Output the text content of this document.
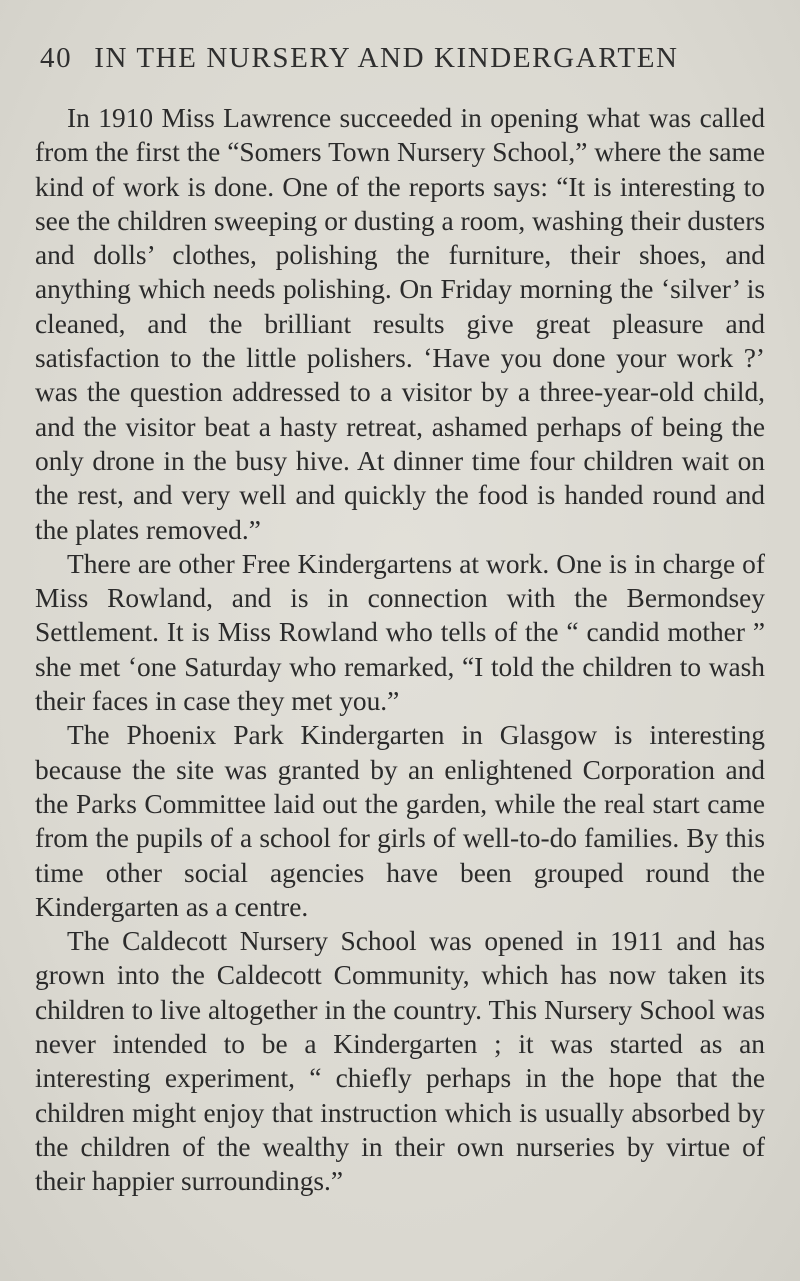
40 IN THE NURSERY AND KINDERGARTEN

In 1910 Miss Lawrence succeeded in opening what was called from the first the “Somers Town Nursery School,” where the same kind of work is done. One of the reports says: “It is interesting to see the children sweeping or dusting a room, washing their dusters and dolls’ clothes, polishing the furniture, their shoes, and anything which needs polishing. On Friday morning the ‘silver’ is cleaned, and the brilliant results give great pleasure and satisfaction to the little polishers. ‘Have you done your work ?’ was the question addressed to a visitor by a three-year-old child, and the visitor beat a hasty retreat, ashamed perhaps of being the only drone in the busy hive. At dinner time four children wait on the rest, and very well and quickly the food is handed round and the plates removed.”

There are other Free Kindergartens at work. One is in charge of Miss Rowland, and is in connection with the Bermondsey Settlement. It is Miss Rowland who tells of the “ candid mother ” she met ‘one Saturday who remarked, “I told the children to wash their faces in case they met you.”

The Phoenix Park Kindergarten in Glasgow is interesting because the site was granted by an enlightened Corporation and the Parks Committee laid out the garden, while the real start came from the pupils of a school for girls of well-to-do families. By this time other social agencies have been grouped round the Kindergarten as a centre.

The Caldecott Nursery School was opened in 1911 and has grown into the Caldecott Community, which has now taken its children to live altogether in the country. This Nursery School was never intended to be a Kindergarten ; it was started as an interesting experiment, “ chiefly perhaps in the hope that the children might enjoy that instruction which is usually absorbed by the children of the wealthy in their own nurseries by virtue of their happier surroundings.”
